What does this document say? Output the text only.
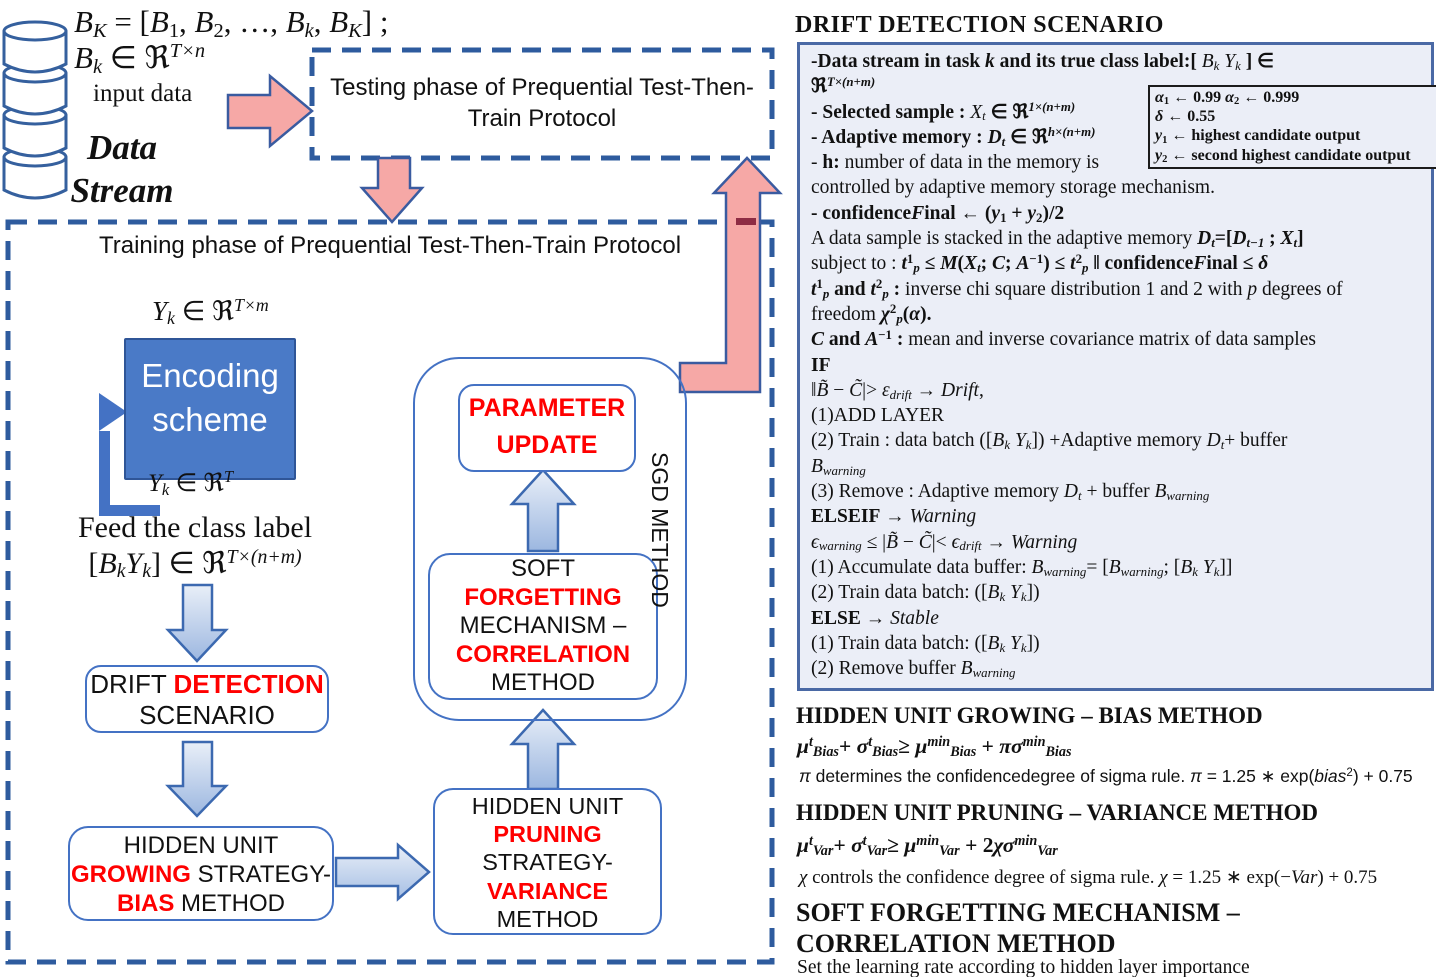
BK = [B1, B2, …, Bk, BK] ;
Bk ∈ ℜ$^{T\times n}$
input data
Data
Stream
Testing phase of Prequential Test-Then-Train Protocol
Training phase of Prequential Test-Then-Train Protocol
Yk ∈ ℜ$^{T\times m}$
Encoding
scheme
Yk ∈ ℜ$^T$
Feed the class label
[BkYk] ∈ ℜ$^{T\times(n+m)}$
DRIFT DETECTION
SCENARIO
HIDDEN UNIT
GROWING STRATEGY-
BIAS METHOD
PARAMETER
UPDATE
SOFT
FORGETTING
MECHANISM –
CORRELATION
METHOD
SGD METHOD
HIDDEN UNIT
PRUNING
STRATEGY-
VARIANCE
METHOD
DRIFT DETECTION SCENARIO
-Data stream in task k and its true class label:[ Bk Yk ] ∈
ℜ$^{T\times(n+m)}$
- Selected sample : Xt ∈ ℜ$^{1\times(n+m)}$
- Adaptive memory : Dt ∈ ℜ$^{h\times(n+m)}$
- h: number of data in the memory is
controlled by adaptive memory storage mechanism.
- confidenceFinal ← (y1 + y2)/2
A data sample is stacked in the adaptive memory Dt=[Dt−1 ; Xt]
subject to : $t^1p \le M(Xt$; C; $A^{-1}) \le t^2p$ ‖ confidenceFinal ≤ δ
$t^1p$ and $t^2p$ : inverse chi square distribution 1 and 2 with p degrees of
freedom $\chi^2p(\alpha)$.
C and $A^{-1}$ : mean and inverse covariance matrix of data samples
IF
‖B̃ − C̃|> εdrift → Drift,
(1)ADD LAYER
(2) Train : data batch ([Bk Yk]) +Adaptive memory Dt+ buffer
Bwarning
(3) Remove : Adaptive memory Dt + buffer Bwarning
ELSEIF → Warning
ϵwarning ≤ |B̃ − C̃|< ϵdrift → Warning
(1) Accumulate data buffer: Bwarning= [Bwarning; [Bk Yk]]
(2) Train data batch: ([Bk Yk])
ELSE → Stable
(1) Train data batch: ([Bk Yk])
(2) Remove buffer Bwarning
α1 ← 0.99 α2 ← 0.999
δ ← 0.55
y1 ← highest candidate output
y2 ← second highest candidate output
HIDDEN UNIT GROWING – BIAS METHOD
$\mu^tBias+$ $\sigma^tBias\ge$ $\mu^{min}Bias$ + $\pi\sigma^{min}Bias$
π determines the confidencedegree of sigma rule. π = 1.25 ∗ exp(bias$^2$) + 0.75
HIDDEN UNIT PRUNING – VARIANCE METHOD
$\mu^tVar+ \sigma^tVar\ge \mu^{min}Var + 2\chi\sigma^{min}Var$
χ controls the confidence degree of sigma rule. χ = 1.25 ∗ exp(−Var) + 0.75
SOFT FORGETTING MECHANISM –
CORRELATION METHOD
Set the learning rate according to hidden layer importance
